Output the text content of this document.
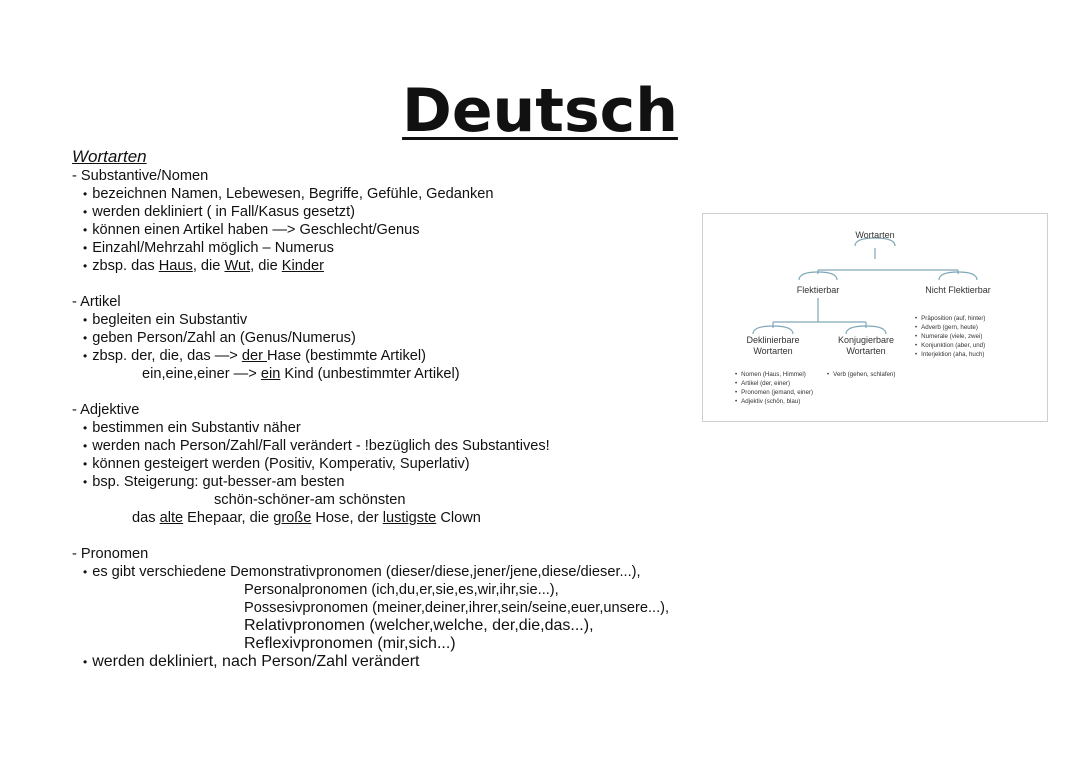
Deutsch
Wortarten
- Substantive/Nomen
• bezeichnen Namen, Lebewesen, Begriffe, Gefühle, Gedanken
• werden dekliniert ( in Fall/Kasus gesetzt)
• können einen Artikel haben —> Geschlecht/Genus
• Einzahl/Mehrzahl möglich – Numerus
• zbsp. das Haus, die Wut, die Kinder
- Artikel
• begleiten ein Substantiv
• geben Person/Zahl an (Genus/Numerus)
• zbsp. der, die, das —> der Hase (bestimmte Artikel)
ein,eine,einer —> ein Kind (unbestimmter Artikel)
- Adjektive
• bestimmen ein Substantiv näher
• werden nach Person/Zahl/Fall verändert - !bezüglich des Substantives!
• können gesteigert werden (Positiv, Komperativ, Superlativ)
• bsp. Steigerung: gut-besser-am besten
schön-schöner-am schönsten
das alte Ehepaar, die große Hose, der lustigste Clown
- Pronomen
• es gibt verschiedene Demonstrativpronomen (dieser/diese,jener/jene,diese/dieser...),
Personalpronomen (ich,du,er,sie,es,wir,ihr,sie...),
Possesivpronomen (meiner,deiner,ihrer,sein/seine,euer,unsere...),
Relativpronomen (welcher,welche, der,die,das...),
Reflexivpronomen (mir,sich...)
• werden dekliniert, nach Person/Zahl verändert
Wortarten
Flektierbar	Nicht Flektierbar
Deklinierbare
Wortarten
Konjugierbare
Wortarten
• Präposition (auf, hinter)
• Adverb (gern, heute)
• Numerale (viele, zwei)
• Konjunktion (aber, und)
• Interjektion (aha, huch)
• Nomen (Haus, Himmel)
• Artikel (der, einer)
• Pronomen (jemand, einer)
• Adjektiv (schön, blau)
• Verb (gehen, schlafen)
